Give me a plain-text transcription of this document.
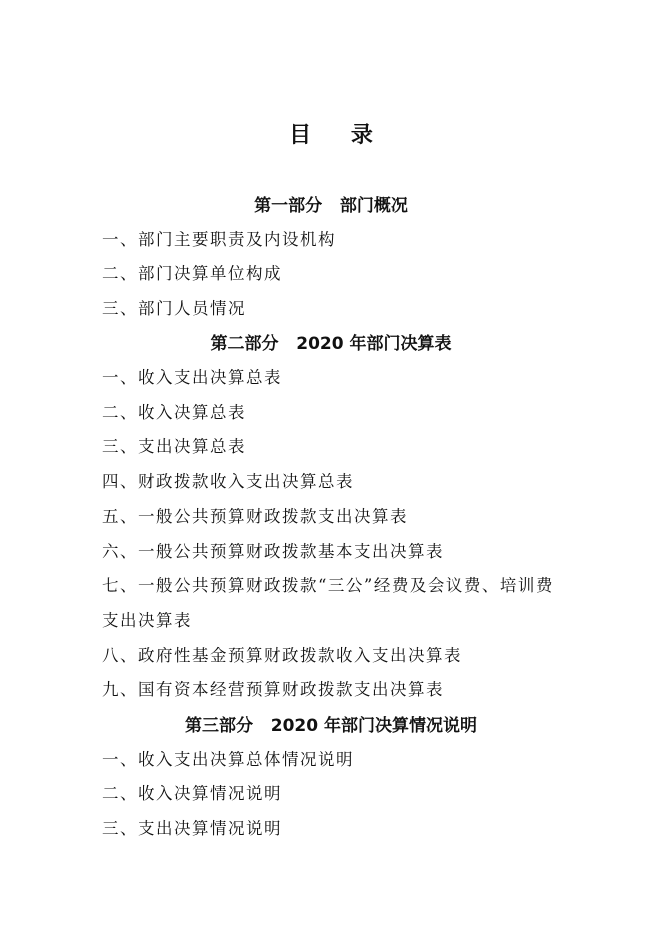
目 录
第一部分   部门概况
一、部门主要职责及内设机构
二、部门决算单位构成
三、部门人员情况
第二部分   2020 年部门决算表
一、收入支出决算总表
二、收入决算总表
三、支出决算总表
四、财政拨款收入支出决算总表
五、一般公共预算财政拨款支出决算表
六、一般公共预算财政拨款基本支出决算表
七、一般公共预算财政拨款“三公”经费及会议费、培训费
支出决算表
八、政府性基金预算财政拨款收入支出决算表
九、国有资本经营预算财政拨款支出决算表
第三部分   2020 年部门决算情况说明
一、收入支出决算总体情况说明
二、收入决算情况说明
三、支出决算情况说明
